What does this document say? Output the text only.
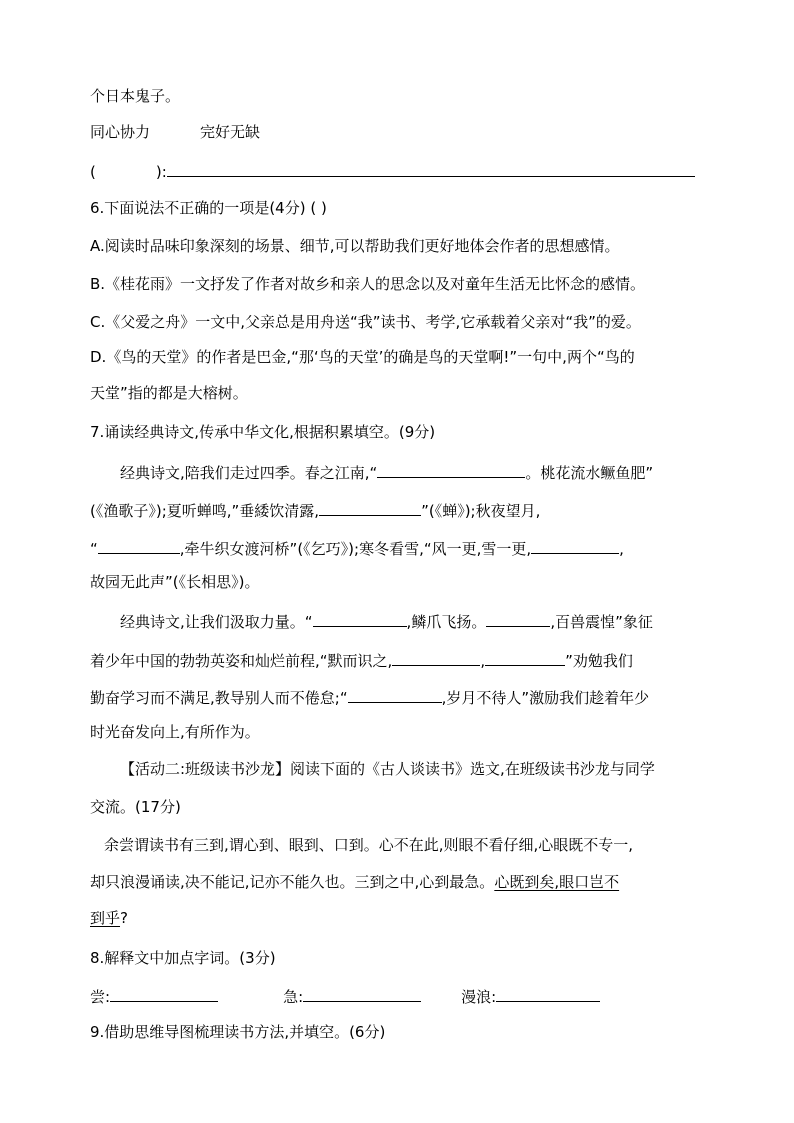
个日本鬼子。
同心协力	完好无缺
(	):
6.下面说法不正确的一项是(4分) ( )
A.阅读时品味印象深刻的场景、细节,可以帮助我们更好地体会作者的思想感情。
B.《桂花雨》一文抒发了作者对故乡和亲人的思念以及对童年生活无比怀念的感情。
C.《父爱之舟》一文中,父亲总是用舟送“我”读书、考学,它承载着父亲对“我”的爱。
D.《鸟的天堂》的作者是巴金,“那‘鸟的天堂’的确是鸟的天堂啊!”一句中,两个“鸟的
天堂”指的都是大榕树。
7.诵读经典诗文,传承中华文化,根据积累填空。(9分)
经典诗文,陪我们走过四季。春之江南,“	。桃花流水鳜鱼肥”
(《渔歌子》);夏听蝉鸣,”垂緌饮清露,	”(《蝉》);秋夜望月,
“	,牵牛织女渡河桥”(《乞巧》);寒冬看雪,“风一更,雪一更,	,
故园无此声”(《长相思》)。
经典诗文,让我们汲取力量。“	,鳞爪飞扬。	,百兽震惶”象征
着少年中国的勃勃英姿和灿烂前程,“默而识之,	,	”劝勉我们
勤奋学习而不满足,教导别人而不倦怠;“	,岁月不待人”激励我们趁着年少
时光奋发向上,有所作为。
【活动二:班级读书沙龙】阅读下面的《古人谈读书》选文,在班级读书沙龙与同学
交流。(17分)
余尝谓读书有三到,谓心到、眼到、口到。心不在此,则眼不看仔细,心眼既不专一,
却只浪漫诵读,决不能记,记亦不能久也。三到之中,心到最急。心既到矣,眼口岂不
到乎?
8.解释文中加点字词。(3分)
尝:	急:	漫浪:
9.借助思维导图梳理读书方法,并填空。(6分)
